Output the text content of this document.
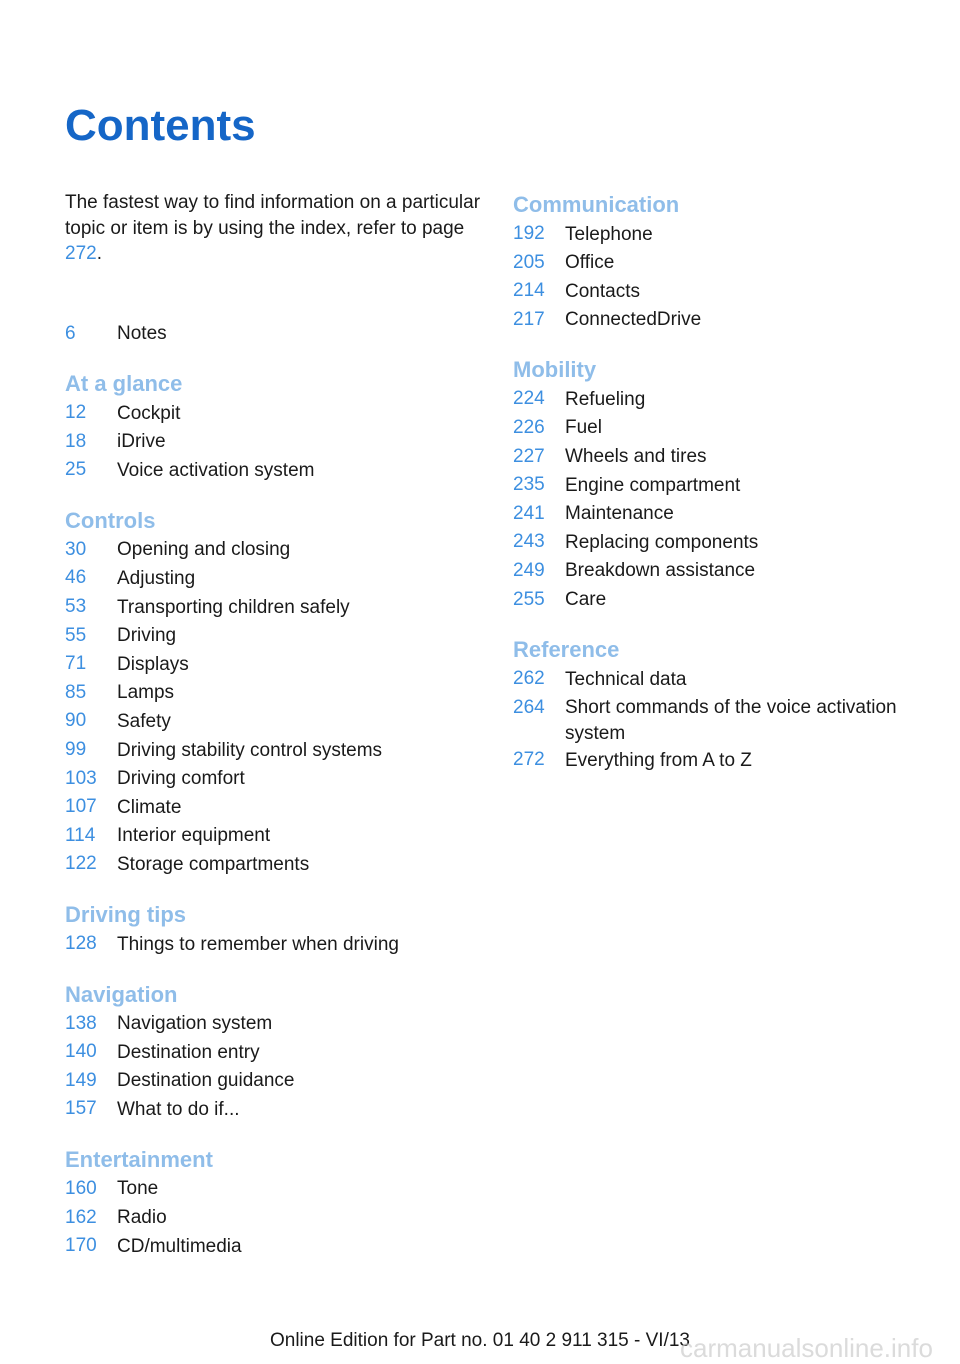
Contents

The fastest way to find information on a particular topic or item is by using the index, refer to page 272.

6	Notes
At a glance
12	Cockpit
18	iDrive
25	Voice activation system
Controls
30	Opening and closing
46	Adjusting
53	Transporting children safely
55	Driving
71	Displays
85	Lamps
90	Safety
99	Driving stability control systems
103	Driving comfort
107	Climate
114	Interior equipment
122	Storage compartments
Driving tips
128	Things to remember when driving
Navigation
138	Navigation system
140	Destination entry
149	Destination guidance
157	What to do if...
Entertainment
160	Tone
162	Radio
170	CD/multimedia
Communication
192	Telephone
205	Office
214	Contacts
217	ConnectedDrive
Mobility
224	Refueling
226	Fuel
227	Wheels and tires
235	Engine compartment
241	Maintenance
243	Replacing components
249	Breakdown assistance
255	Care
Reference
262	Technical data
264	Short commands of the voice activation system
272	Everything from A to Z
Online Edition for Part no. 01 40 2 911 315 - VI/13
carmanualsonline.info
